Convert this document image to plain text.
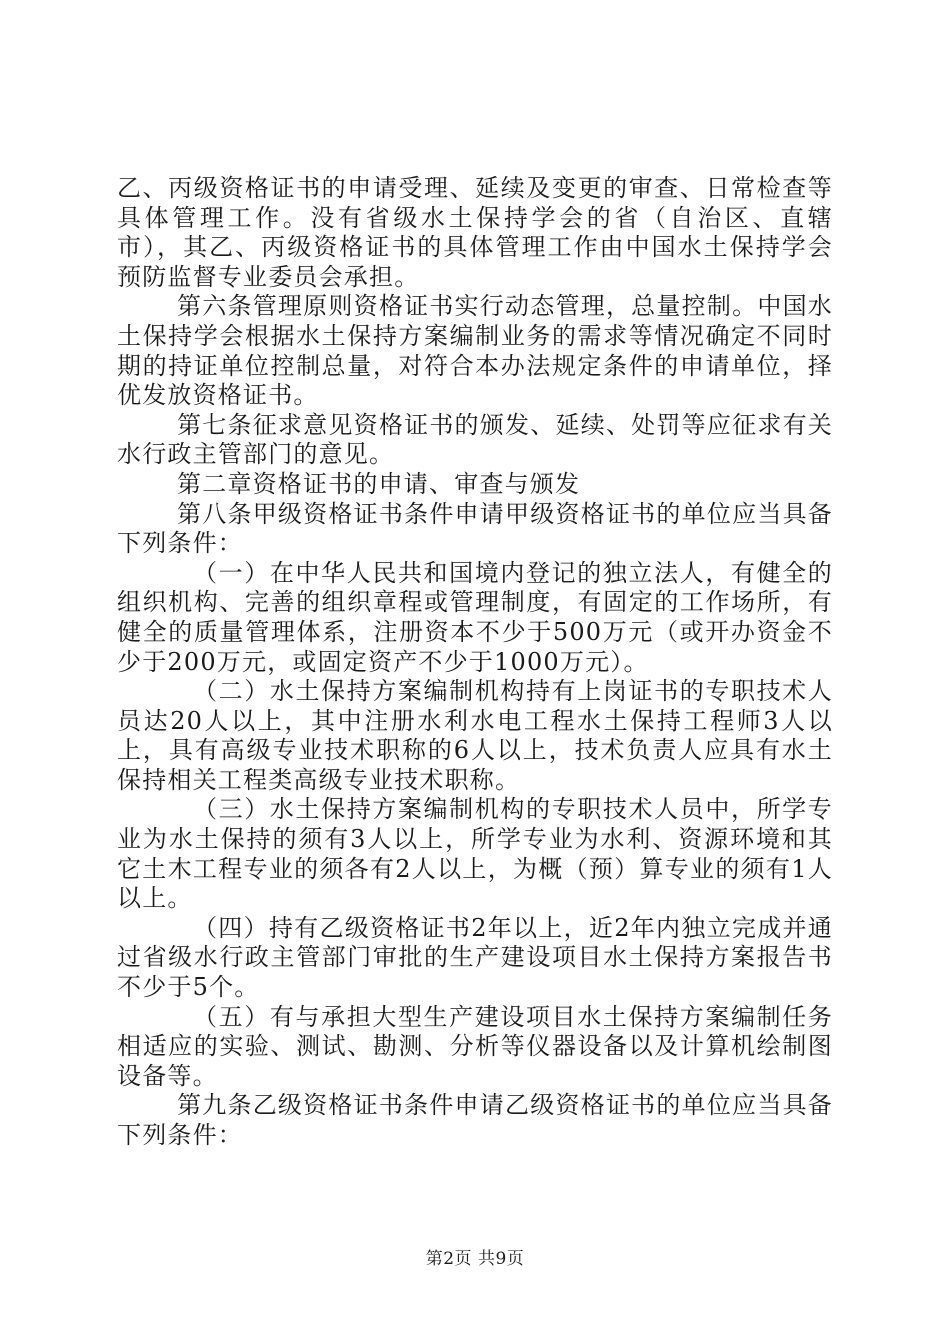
乙、丙级资格证书的申请受理、延续及变更的审查、日常检查等具体管理工作。没有省级水土保持学会的省（自治区、直辖市），其乙、丙级资格证书的具体管理工作由中国水土保持学会预防监督专业委员会承担。

第六条管理原则资格证书实行动态管理，总量控制。中国水土保持学会根据水土保持方案编制业务的需求等情况确定不同时期的持证单位控制总量，对符合本办法规定条件的申请单位，择优发放资格证书。

第七条征求意见资格证书的颁发、延续、处罚等应征求有关水行政主管部门的意见。

第二章资格证书的申请、审查与颁发

第八条甲级资格证书条件申请甲级资格证书的单位应当具备下列条件：

（一）在中华人民共和国境内登记的独立法人，有健全的组织机构、完善的组织章程或管理制度，有固定的工作场所，有健全的质量管理体系，注册资本不少于500万元（或开办资金不少于200万元，或固定资产不少于1000万元）。

（二）水土保持方案编制机构持有上岗证书的专职技术人员达20人以上，其中注册水利水电工程水土保持工程师3人以上，具有高级专业技术职称的6人以上，技术负责人应具有水土保持相关工程类高级专业技术职称。

（三）水土保持方案编制机构的专职技术人员中，所学专业为水土保持的须有3人以上，所学专业为水利、资源环境和其它土木工程专业的须各有2人以上，为概（预）算专业的须有1人以上。

（四）持有乙级资格证书2年以上，近2年内独立完成并通过省级水行政主管部门审批的生产建设项目水土保持方案报告书不少于5个。

（五）有与承担大型生产建设项目水土保持方案编制任务相适应的实验、测试、勘测、分析等仪器设备以及计算机绘制图设备等。

第九条乙级资格证书条件申请乙级资格证书的单位应当具备下列条件：

第2页 共9页
